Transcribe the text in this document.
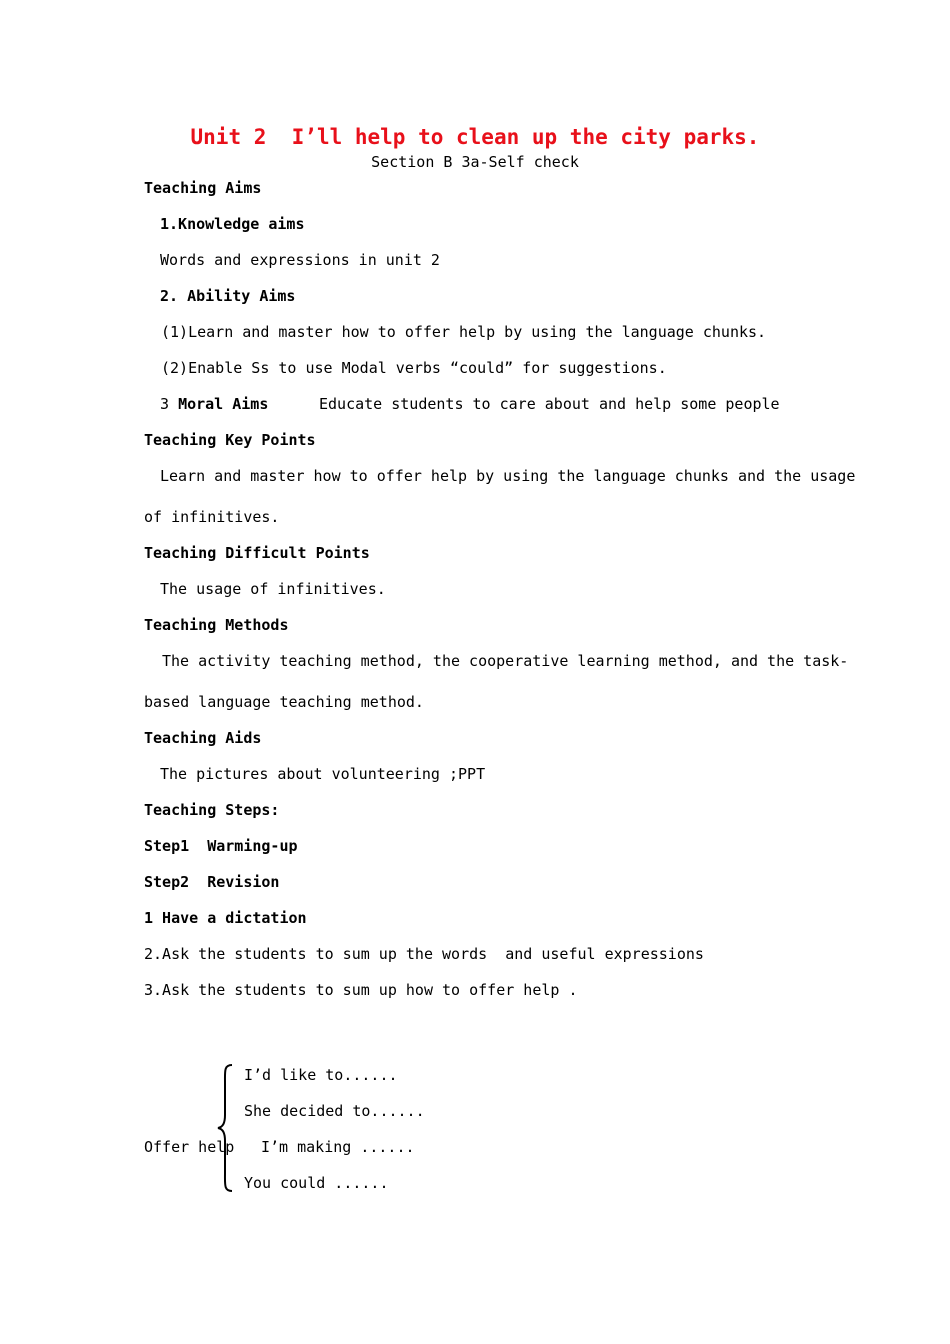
Unit 2  I’ll help to clean up the city parks.
Section B 3a-Self check
Teaching Aims
1.Knowledge aims
Words and expressions in unit 2
2. Ability Aims
(1)Learn and master how to offer help by using the language chunks.
(2)Enable Ss to use Modal verbs “could” for suggestions.
3 Moral Aims	Educate students to care about and help some people
Teaching Key Points
Learn and master how to offer help by using the language chunks and the usage
of infinitives.
Teaching Difficult Points
The usage of infinitives.
Teaching Methods
The activity teaching method, the cooperative learning method, and the task-
based language teaching method.
Teaching Aids
The pictures about volunteering ;PPT
Teaching Steps:
Step1  Warming-up
Step2  Revision
1 Have a dictation
2.Ask the students to sum up the words  and useful expressions
3.Ask the students to sum up how to offer help .
Offer help
I’d like to......
She decided to......
I’m making ......
You could ......
